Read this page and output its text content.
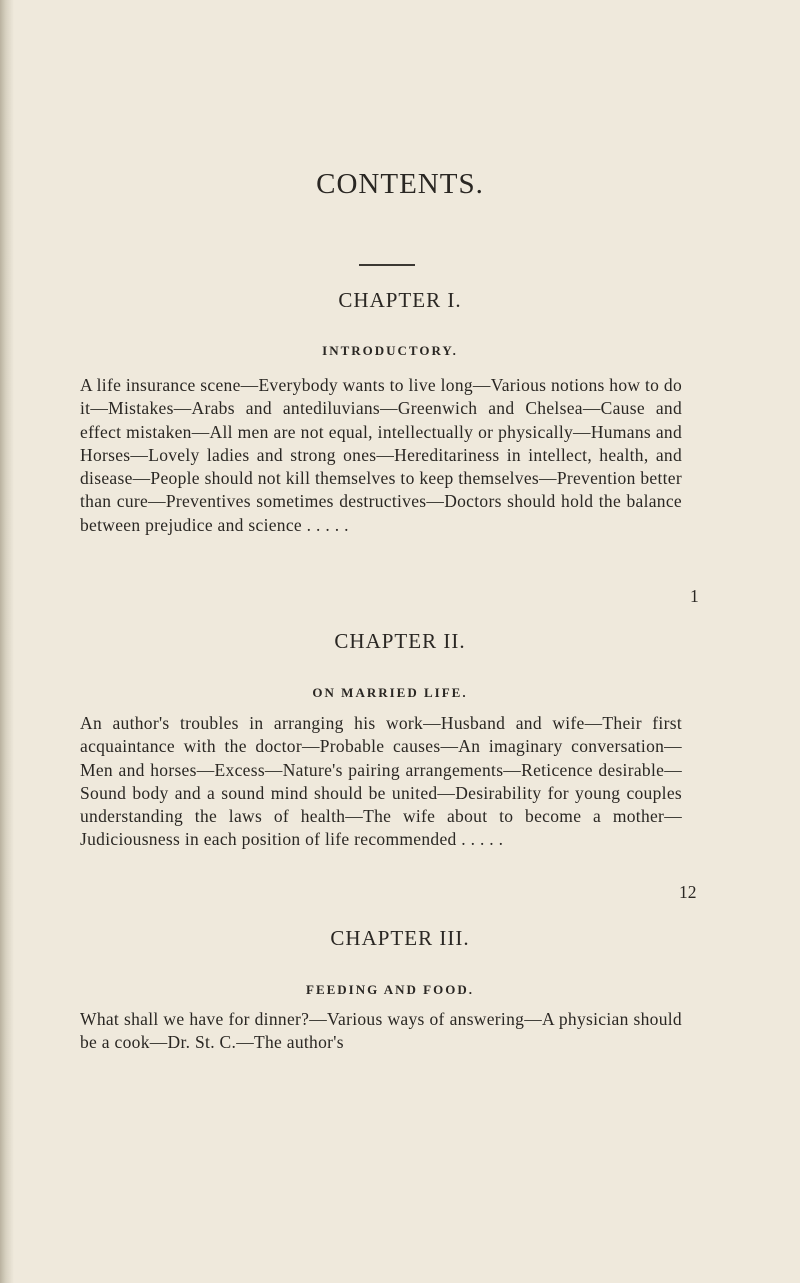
CONTENTS.
CHAPTER I.
INTRODUCTORY.
A life insurance scene—Everybody wants to live long—Various notions how to do it—Mistakes—Arabs and antediluvians—Greenwich and Chelsea—Cause and effect mistaken—All men are not equal, intellectually or physically—Humans and Horses—Lovely ladies and strong ones—Hereditariness in intellect, health, and disease—People should not kill themselves to keep themselves—Prevention better than cure—Preventives sometimes destructives—Doctors should hold the balance between prejudice and science . . . . .
1
CHAPTER II.
ON MARRIED LIFE.
An author's troubles in arranging his work—Husband and wife—Their first acquaintance with the doctor—Probable causes—An imaginary conversation—Men and horses—Excess—Nature's pairing arrangements—Reticence desirable—Sound body and a sound mind should be united—Desirability for young couples understanding the laws of health—The wife about to become a mother—Judiciousness in each position of life recommended . . . . .
12
CHAPTER III.
FEEDING AND FOOD.
What shall we have for dinner?—Various ways of answering—A physician should be a cook—Dr. St. C.—The author's
